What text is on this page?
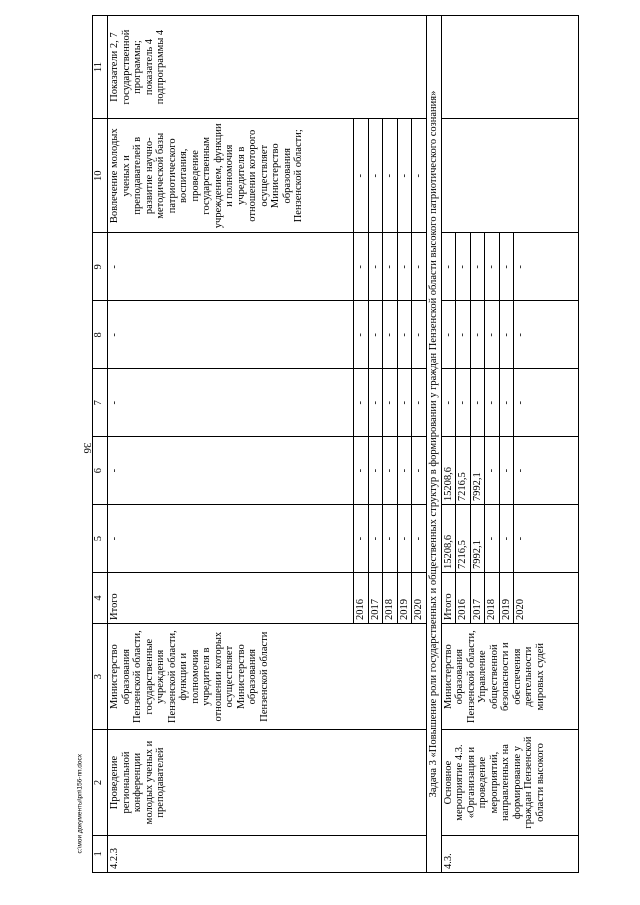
36
c:\мои документы\рп\156-пп.docx
1	2	3	4	5	6	7	8	9	10	11
4.2.3	Проведение региональной конференции молодых ученых и преподавателей	Министерство образования Пензенской области, государственные учреждения Пензенской области, функции и полномочия учредителя в отношении которых осуществляет Министерство образования Пензенской области	Итого	-	-	-	-	-	Вовлечение молодых ученых и преподавателей в развитие научно-методической базы патриотического воспитания, проведение государственным учреждением, функции и полномочия учредителя в отношении которого осуществляет Министерство образования Пензенской области;	Показатели 2, 7 государственной программы; показатель 4 подпрограммы 4
			2016	-	-	-	-	-	-	
			2017	-	-	-	-	-	-	
			2018	-	-	-	-	-	-	
			2019	-	-	-	-	-	-	
			2020	-	-	-	-	-	-	
Задача 3 «Повышение роли государственных и общественных структур в формировании у граждан Пензенской области высокого патриотического сознания»										
4.3.	Основное мероприятие 4.3. «Организация и проведение мероприятий, направленных на формирование у граждан Пензенской области высокого	Министерство образования Пензенской области, Управление общественной безопасности и обеспечения деятельности мировых судей	Итого	15208,6	15208,6	-	-	-		
			2016	7216,5	7216,5	-	-	-		
			2017	7992,1	7992,1	-	-	-		
			2018	-	-	-	-	-		
			2019	-	-	-	-	-		
			2020	-	-	-	-	-		
